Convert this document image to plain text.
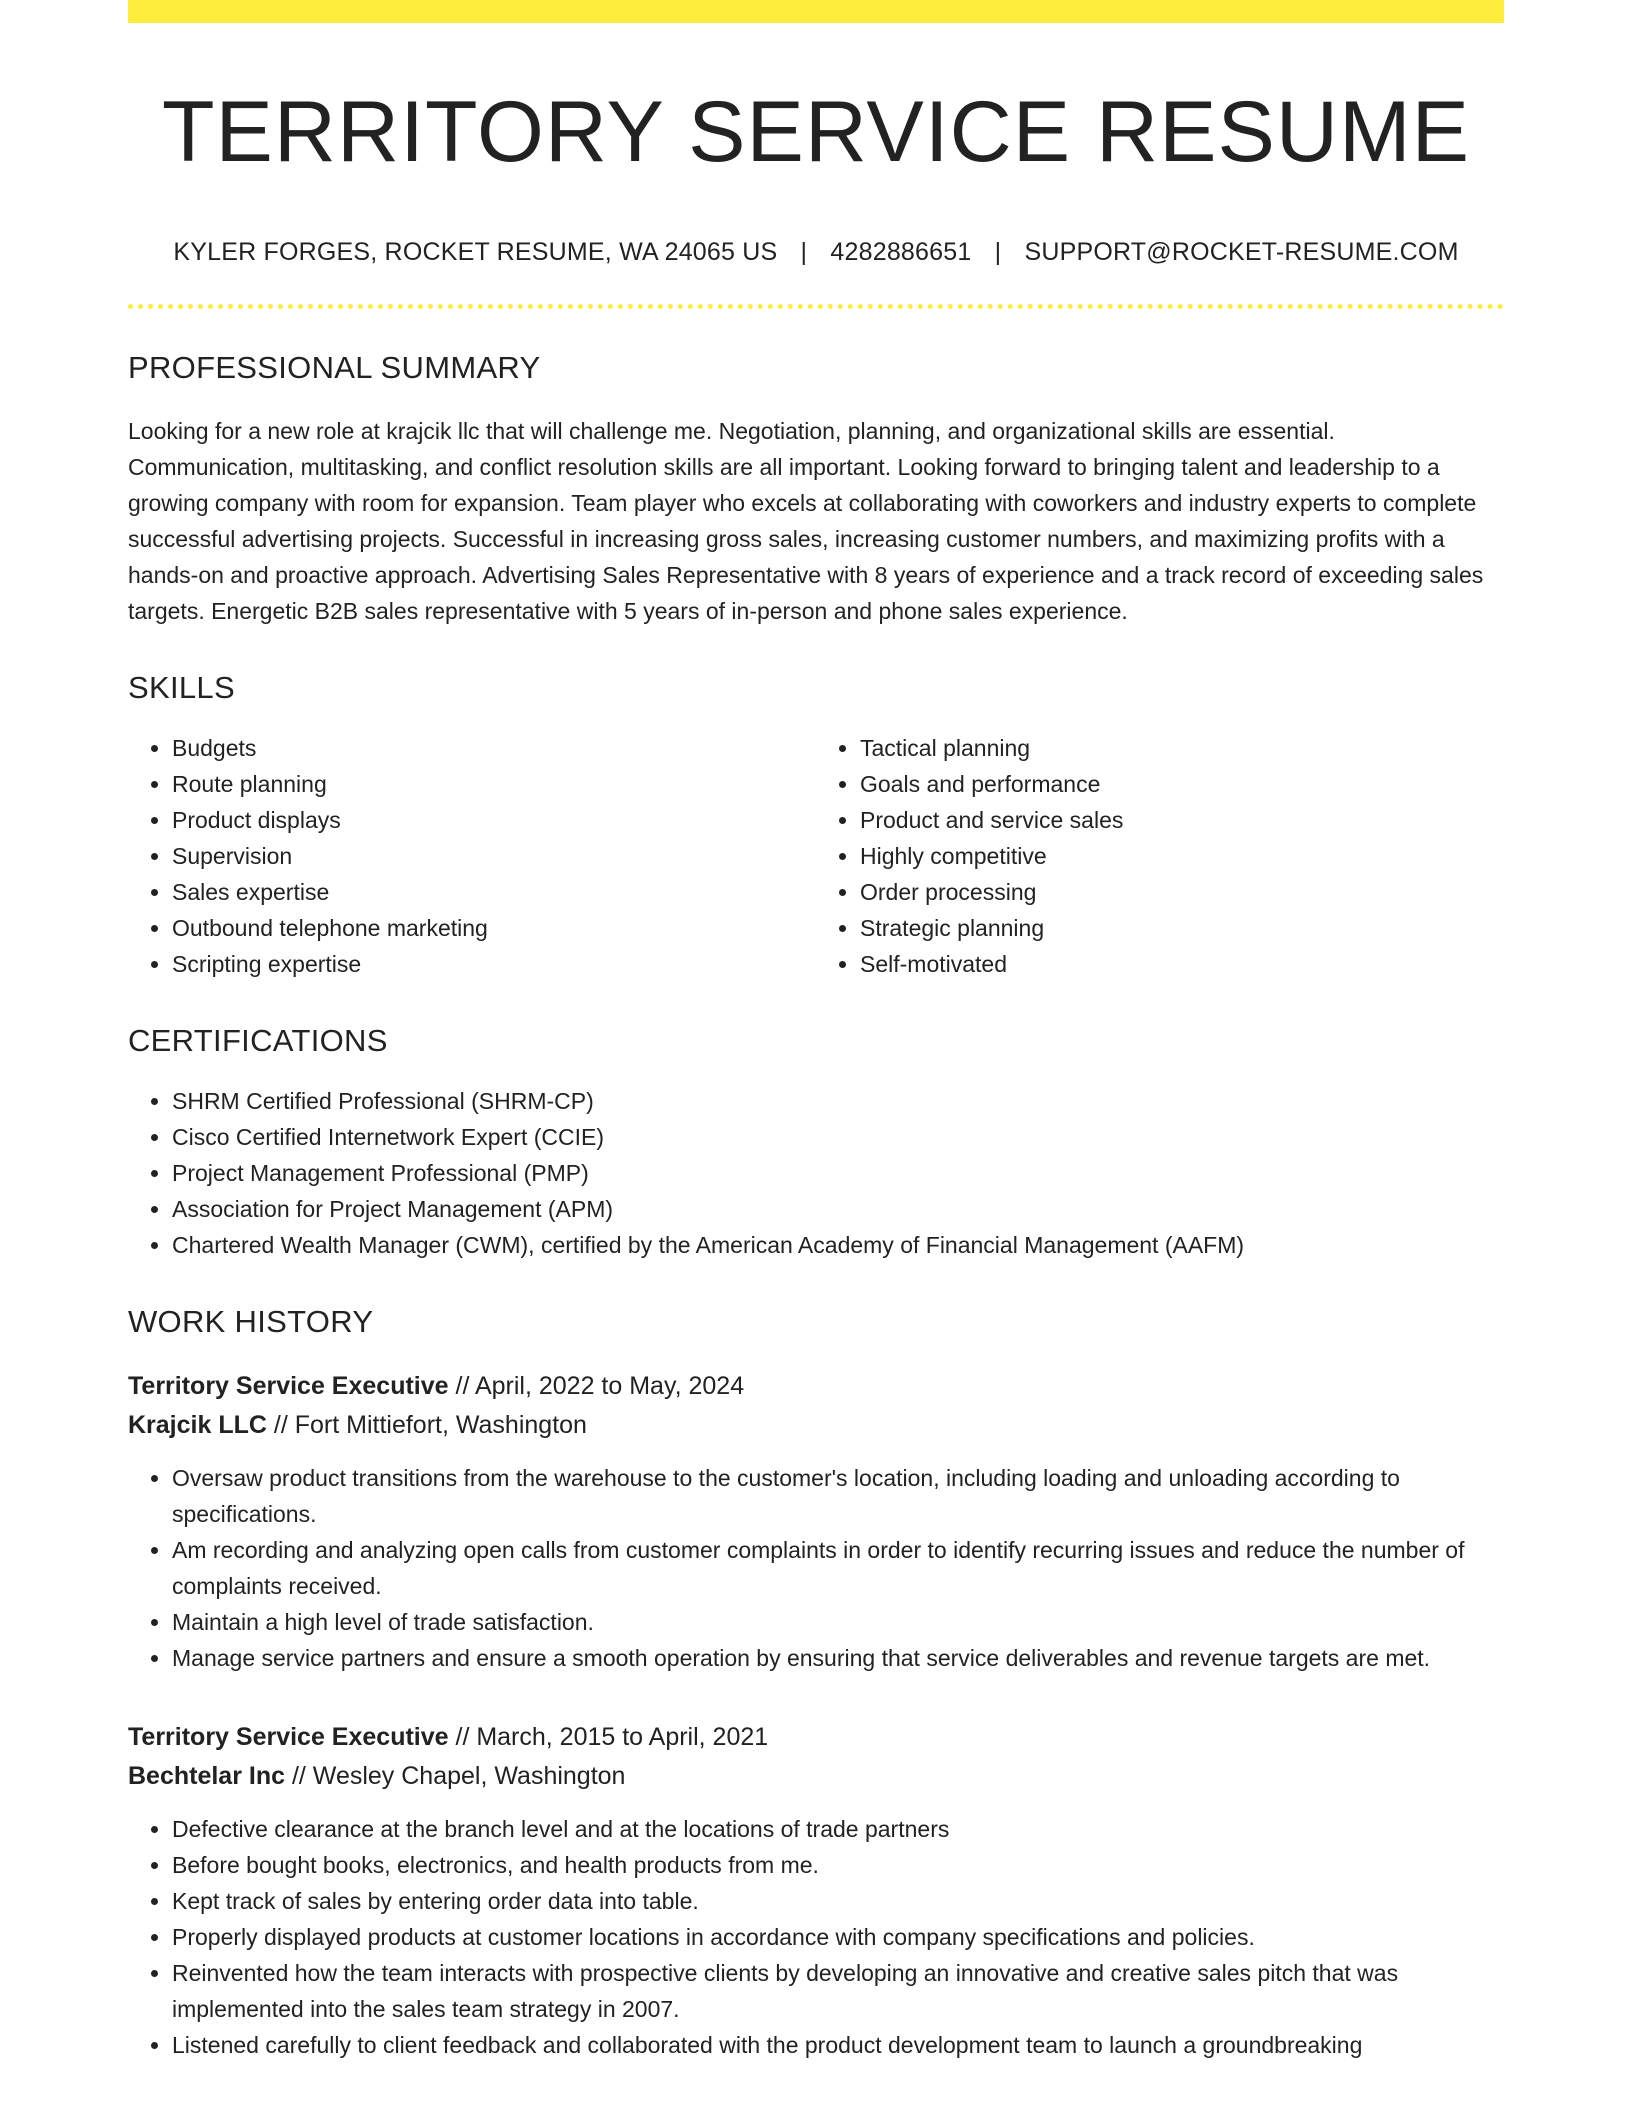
TERRITORY SERVICE RESUME
KYLER FORGES, ROCKET RESUME, WA 24065 US | 4282886651 | SUPPORT@ROCKET-RESUME.COM
PROFESSIONAL SUMMARY
Looking for a new role at krajcik llc that will challenge me. Negotiation, planning, and organizational skills are essential. Communication, multitasking, and conflict resolution skills are all important. Looking forward to bringing talent and leadership to a growing company with room for expansion. Team player who excels at collaborating with coworkers and industry experts to complete successful advertising projects. Successful in increasing gross sales, increasing customer numbers, and maximizing profits with a hands-on and proactive approach. Advertising Sales Representative with 8 years of experience and a track record of exceeding sales targets. Energetic B2B sales representative with 5 years of in-person and phone sales experience.
SKILLS
• Budgets
• Route planning
• Product displays
• Supervision
• Sales expertise
• Outbound telephone marketing
• Scripting expertise
• Tactical planning
• Goals and performance
• Product and service sales
• Highly competitive
• Order processing
• Strategic planning
• Self-motivated
CERTIFICATIONS
• SHRM Certified Professional (SHRM-CP)
• Cisco Certified Internetwork Expert (CCIE)
• Project Management Professional (PMP)
• Association for Project Management (APM)
• Chartered Wealth Manager (CWM), certified by the American Academy of Financial Management (AAFM)
WORK HISTORY
Territory Service Executive // April, 2022 to May, 2024
Krajcik LLC // Fort Mittiefort, Washington
• Oversaw product transitions from the warehouse to the customer's location, including loading and unloading according to specifications.
• Am recording and analyzing open calls from customer complaints in order to identify recurring issues and reduce the number of complaints received.
• Maintain a high level of trade satisfaction.
• Manage service partners and ensure a smooth operation by ensuring that service deliverables and revenue targets are met.
Territory Service Executive // March, 2015 to April, 2021
Bechtelar Inc // Wesley Chapel, Washington
• Defective clearance at the branch level and at the locations of trade partners
• Before bought books, electronics, and health products from me.
• Kept track of sales by entering order data into table.
• Properly displayed products at customer locations in accordance with company specifications and policies.
• Reinvented how the team interacts with prospective clients by developing an innovative and creative sales pitch that was implemented into the sales team strategy in 2007.
• Listened carefully to client feedback and collaborated with the product development team to launch a groundbreaking
